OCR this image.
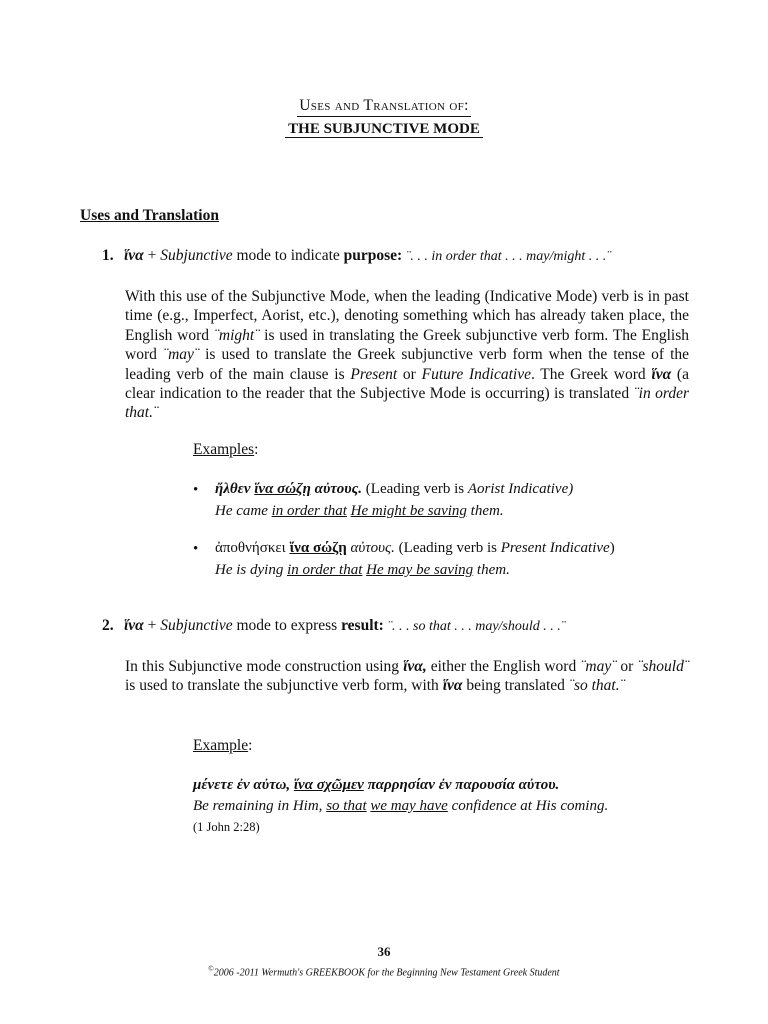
Uses and Translation of:
THE SUBJUNCTIVE MODE
Uses and Translation
1. ἵνα + Subjunctive mode to indicate purpose: ¨. . . in order that . . . may/might . . .¨
With this use of the Subjunctive Mode, when the leading (Indicative Mode) verb is in past time (e.g., Imperfect, Aorist, etc.), denoting something which has already taken place, the English word ¨might¨ is used in translating the Greek subjunctive verb form. The English word ¨may¨ is used to translate the Greek subjunctive verb form when the tense of the leading verb of the main clause is Present or Future Indicative. The Greek word ἵνα (a clear indication to the reader that the Subjective Mode is occurring) is translated ¨in order that.¨
Examples:
• ἤλθεν ἵνα σώζῃ αὐτους. (Leading verb is Aorist Indicative)
He came in order that He might be saving them.
• ἀποθνήσκει ἵνα σώζῃ αὐτους. (Leading verb is Present Indicative)
He is dying in order that He may be saving them.
2. ἵνα + Subjunctive mode to express result: ¨. . . so that . . . may/should . . .¨
In this Subjunctive mode construction using ἵνα, either the English word ¨may¨ or ¨should¨ is used to translate the subjunctive verb form, with ἵνα being translated ¨so that.¨
Example:
μένετε ἐν αὐτω, ἵνα σχῶμεν παρρησίαν ἐν παρουσία αὐτου.
Be remaining in Him, so that we may have confidence at His coming.
(1 John 2:28)
36
©2006 -2011 Wermuth's GREEKBOOK for the Beginning New Testament Greek Student
